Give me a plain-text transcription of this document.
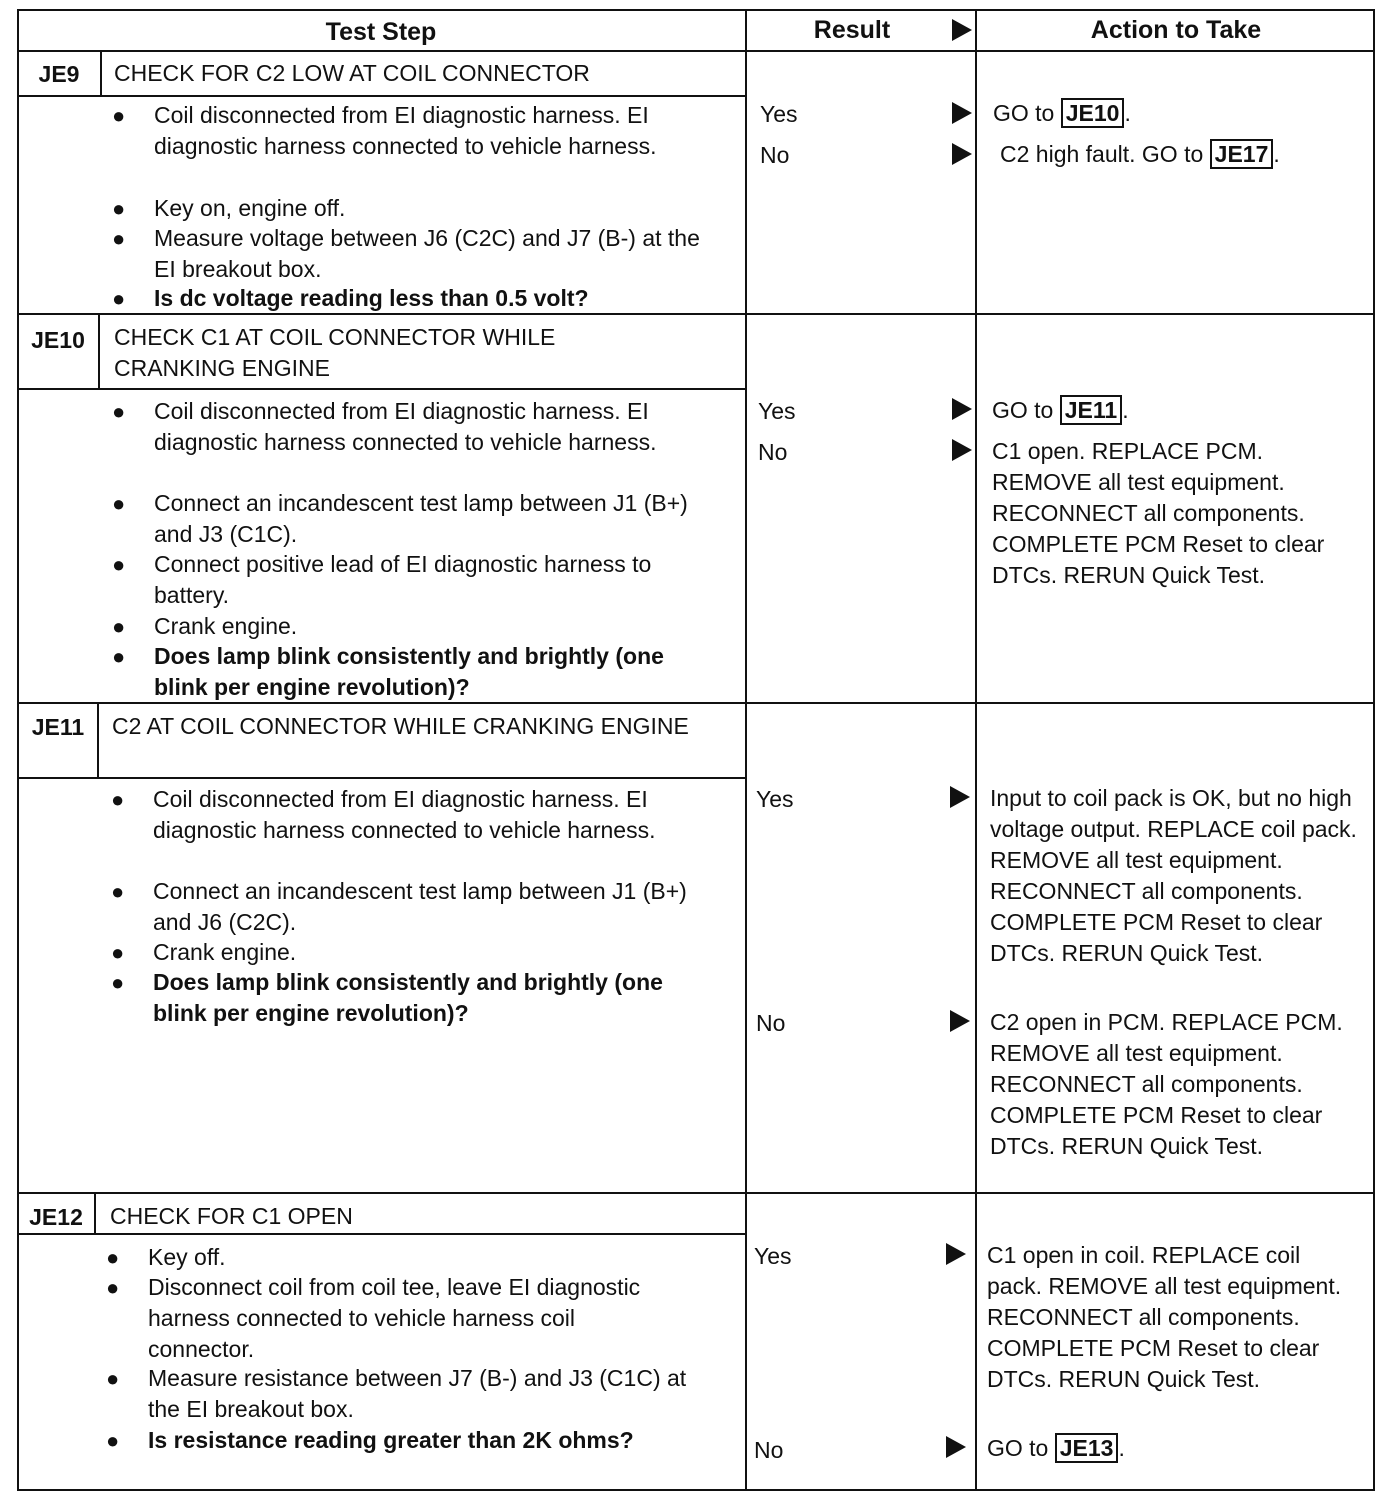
Test Step	Result	Action to Take
JE9	CHECK FOR C2 LOW AT COIL CONNECTOR
● Coil disconnected from EI diagnostic harness. EI diagnostic harness connected to vehicle harness.
● Key on, engine off.
● Measure voltage between J6 (C2C) and J7 (B-) at the EI breakout box.
● Is dc voltage reading less than 0.5 volt?
Yes	GO to JE10 .
No	C2 high fault. GO to JE17 .
JE10	CHECK C1 AT COIL CONNECTOR WHILE CRANKING ENGINE
● Coil disconnected from EI diagnostic harness. EI diagnostic harness connected to vehicle harness.
● Connect an incandescent test lamp between J1 (B+) and J3 (C1C).
● Connect positive lead of EI diagnostic harness to battery.
● Crank engine.
● Does lamp blink consistently and brightly (one blink per engine revolution)?
Yes	GO to JE11 .
No	C1 open. REPLACE PCM. REMOVE all test equipment. RECONNECT all components. COMPLETE PCM Reset to clear DTCs. RERUN Quick Test.
JE11	C2 AT COIL CONNECTOR WHILE CRANKING ENGINE
● Coil disconnected from EI diagnostic harness. EI diagnostic harness connected to vehicle harness.
● Connect an incandescent test lamp between J1 (B+) and J6 (C2C).
● Crank engine.
● Does lamp blink consistently and brightly (one blink per engine revolution)?
Yes	Input to coil pack is OK, but no high voltage output. REPLACE coil pack. REMOVE all test equipment. RECONNECT all components. COMPLETE PCM Reset to clear DTCs. RERUN Quick Test.
No	C2 open in PCM. REPLACE PCM. REMOVE all test equipment. RECONNECT all components. COMPLETE PCM Reset to clear DTCs. RERUN Quick Test.
JE12	CHECK FOR C1 OPEN
● Key off.
● Disconnect coil from coil tee, leave EI diagnostic harness connected to vehicle harness coil connector.
● Measure resistance between J7 (B-) and J3 (C1C) at the EI breakout box.
● Is resistance reading greater than 2K ohms?
Yes	C1 open in coil. REPLACE coil pack. REMOVE all test equipment. RECONNECT all components. COMPLETE PCM Reset to clear DTCs. RERUN Quick Test.
No	GO to JE13 .
